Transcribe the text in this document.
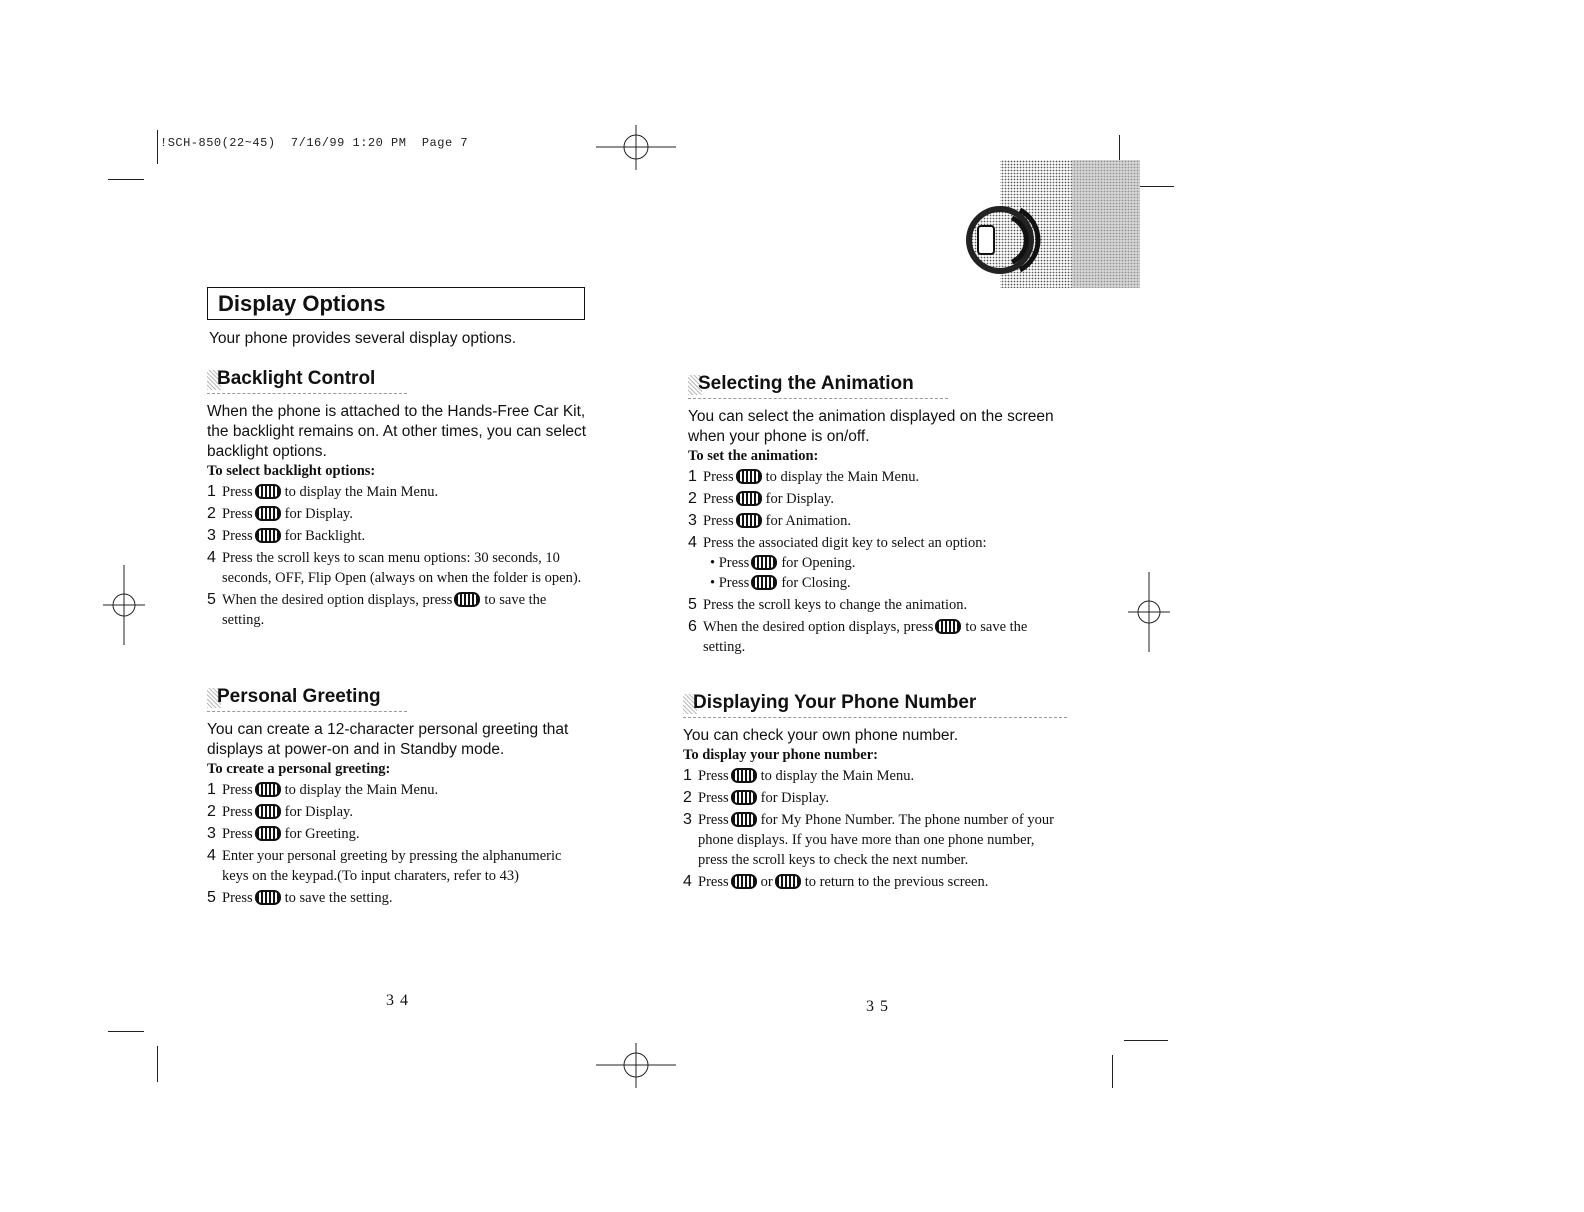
!SCH-850(22~45)  7/16/99 1:20 PM  Page 7
Display Options
Your phone provides several display options.
Backlight Control
When the phone is attached to the Hands-Free Car Kit, the backlight remains on. At other times, you can select backlight options.
To select backlight options:
1 Press to display the Main Menu.
2 Press for Display.
3 Press for Backlight.
4 Press the scroll keys to scan menu options: 30 seconds, 10 seconds, OFF, Flip Open (always on when the folder is open).
5 When the desired option displays, press to save the setting.
Personal Greeting
You can create a 12-character personal greeting that displays at power-on and in Standby mode.
To create a personal greeting:
1 Press to display the Main Menu.
2 Press for Display.
3 Press for Greeting.
4 Enter your personal greeting by pressing the alphanumeric keys on the keypad.(To input charaters, refer to 43)
5 Press to save the setting.
Selecting the Animation
You can select the animation displayed on the screen when your phone is on/off.
To set the animation:
1 Press to display the Main Menu.
2 Press for Display.
3 Press for Animation.
4 Press the associated digit key to select an option:
• Press for Opening.
• Press for Closing.
5 Press the scroll keys to change the animation.
6 When the desired option displays, press to save the setting.
Displaying Your Phone Number
You can check your own phone number.
To display your phone number:
1 Press to display the Main Menu.
2 Press for Display.
3 Press for My Phone Number. The phone number of your phone displays. If you have more than one phone number, press the scroll keys to check the next number.
4 Press or to return to the previous screen.
34	35
